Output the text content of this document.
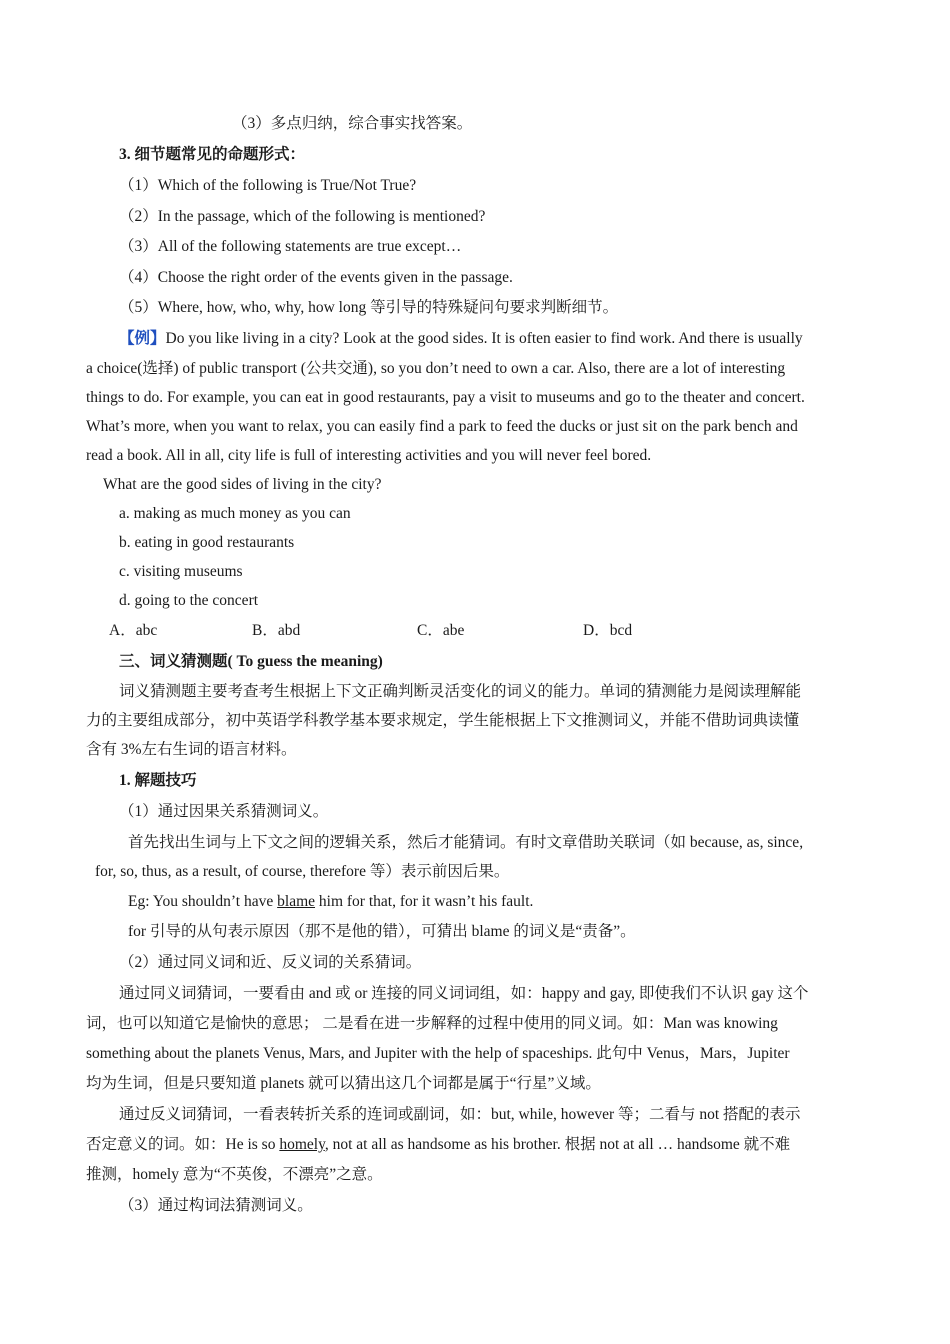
（3）多点归纳，综合事实找答案。
3. 细节题常见的命题形式：
（1）Which of the following is True/Not True?
（2）In the passage, which of the following is mentioned?
（3）All of the following statements are true except…
（4）Choose the right order of the events given in the passage.
（5）Where, how, who, why, how long 等引导的特殊疑问句要求判断细节。
【例】Do you like living in a city? Look at the good sides. It is often easier to find work. And there is usually
a choice(选择) of public transport (公共交通), so you don’t need to own a car. Also, there are a lot of interesting
things to do. For example, you can eat in good restaurants, pay a visit to museums and go to the theater and concert.
What’s more, when you want to relax, you can easily find a park to feed the ducks or just sit on the park bench and
read a book. All in all, city life is full of interesting activities and you will never feel bored.
What are the good sides of living in the city?
a. making as much money as you can
b. eating in good restaurants
c. visiting museums
d. going to the concert
A．abc	B．abd	C．abe	D．bcd
三、词义猜测题( To guess the meaning)
词义猜测题主要考查考生根据上下文正确判断灵活变化的词义的能力。单词的猜测能力是阅读理解能
力的主要组成部分，初中英语学科教学基本要求规定，学生能根据上下文推测词义，并能不借助词典读懂
含有 3%左右生词的语言材料。
1. 解题技巧
（1）通过因果关系猜测词义。
首先找出生词与上下文之间的逻辑关系，然后才能猜词。有时文章借助关联词（如 because, as, since,
for, so, thus, as a result, of course, therefore 等）表示前因后果。
Eg: You shouldn’t have blame him for that, for it wasn’t his fault.
for 引导的从句表示原因（那不是他的错），可猜出 blame 的词义是“责备”。
（2）通过同义词和近、反义词的关系猜词。
通过同义词猜词，一要看由 and 或 or 连接的同义词词组，如：happy and gay, 即使我们不认识 gay 这个
词，也可以知道它是愉快的意思； 二是看在进一步解释的过程中使用的同义词。如：Man was knowing
something about the planets Venus, Mars, and Jupiter with the help of spaceships. 此句中 Venus，Mars，Jupiter
均为生词，但是只要知道 planets 就可以猜出这几个词都是属于“行星”义域。
通过反义词猜词，一看表转折关系的连词或副词，如：but, while, however 等；二看与 not 搭配的表示
否定意义的词。如：He is so homely, not at all as handsome as his brother. 根据 not at all … handsome 就不难
推测，homely 意为“不英俊，不漂亮”之意。
（3）通过构词法猜测词义。
